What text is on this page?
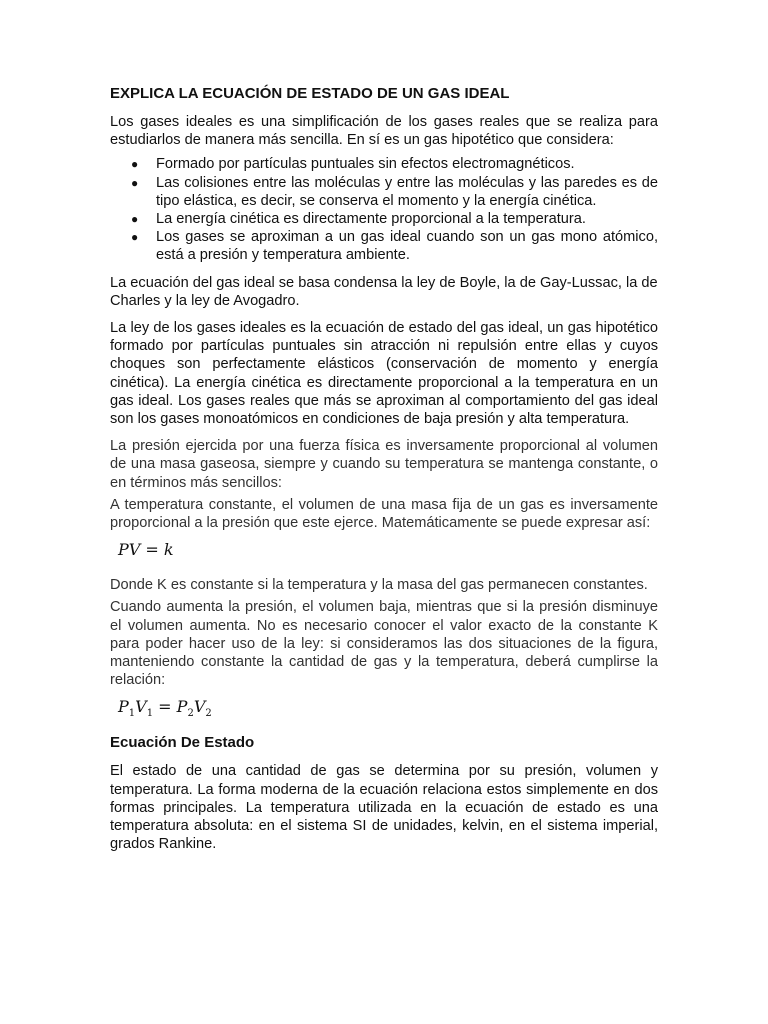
EXPLICA LA ECUACIÓN DE ESTADO DE UN GAS IDEAL

Los gases ideales es una simplificación de los gases reales que se realiza para estudiarlos de manera más sencilla. En sí es un gas hipotético que considera:

● Formado por partículas puntuales sin efectos electromagnéticos.
● Las colisiones entre las moléculas y entre las moléculas y las paredes es de tipo elástica, es decir, se conserva el momento y la energía cinética.
● La energía cinética es directamente proporcional a la temperatura.
● Los gases se aproximan a un gas ideal cuando son un gas mono atómico, está a presión y temperatura ambiente.

La ecuación del gas ideal se basa condensa la ley de Boyle, la de Gay-Lussac, la de Charles y la ley de Avogadro.

La ley de los gases ideales es la ecuación de estado del gas ideal, un gas hipotético formado por partículas puntuales sin atracción ni repulsión entre ellas y cuyos choques son perfectamente elásticos (conservación de momento y energía cinética). La energía cinética es directamente proporcional a la temperatura en un gas ideal. Los gases reales que más se aproximan al comportamiento del gas ideal son los gases monoatómicos en condiciones de baja presión y alta temperatura.

La presión ejercida por una fuerza física es inversamente proporcional al volumen de una masa gaseosa, siempre y cuando su temperatura se mantenga constante, o en términos más sencillos:

A temperatura constante, el volumen de una masa fija de un gas es inversamente proporcional a la presión que este ejerce. Matemáticamente se puede expresar así:

PV = k

Donde K es constante si la temperatura y la masa del gas permanecen constantes.

Cuando aumenta la presión, el volumen baja, mientras que si la presión disminuye el volumen aumenta. No es necesario conocer el valor exacto de la constante K para poder hacer uso de la ley: si consideramos las dos situaciones de la figura, manteniendo constante la cantidad de gas y la temperatura, deberá cumplirse la relación:

$P_1V_1 = P_2V_2$
Ecuación De Estado

El estado de una cantidad de gas se determina por su presión, volumen y temperatura. La forma moderna de la ecuación relaciona estos simplemente en dos formas principales. La temperatura utilizada en la ecuación de estado es una temperatura absoluta: en el sistema SI de unidades, kelvin, en el sistema imperial, grados Rankine.
